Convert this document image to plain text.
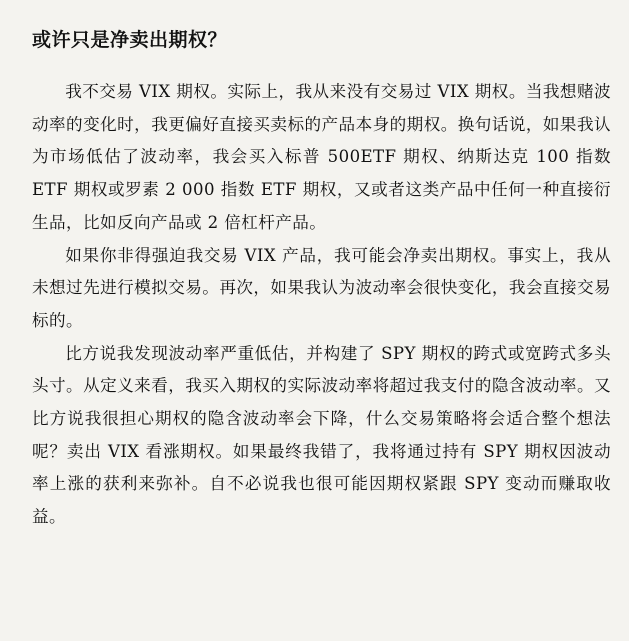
或许只是净卖出期权？

我不交易 VIX 期权。实际上，我从来没有交易过 VIX 期权。当我想赌波动率的变化时，我更偏好直接买卖标的产品本身的期权。换句话说，如果我认为市场低估了波动率，我会买入标普 500ETF 期权、纳斯达克 100 指数 ETF 期权或罗素 2 000 指数 ETF 期权，又或者这类产品中任何一种直接衍生品，比如反向产品或 2 倍杠杆产品。

如果你非得强迫我交易 VIX 产品，我可能会净卖出期权。事实上，我从未想过先进行模拟交易。再次，如果我认为波动率会很快变化，我会直接交易标的。

比方说我发现波动率严重低估，并构建了 SPY 期权的跨式或宽跨式多头头寸。从定义来看，我买入期权的实际波动率将超过我支付的隐含波动率。又比方说我很担心期权的隐含波动率会下降，什么交易策略将会适合整个想法呢？卖出 VIX 看涨期权。如果最终我错了，我将通过持有 SPY 期权因波动率上涨的获利来弥补。自不必说我也很可能因期权紧跟 SPY 变动而赚取收益。
